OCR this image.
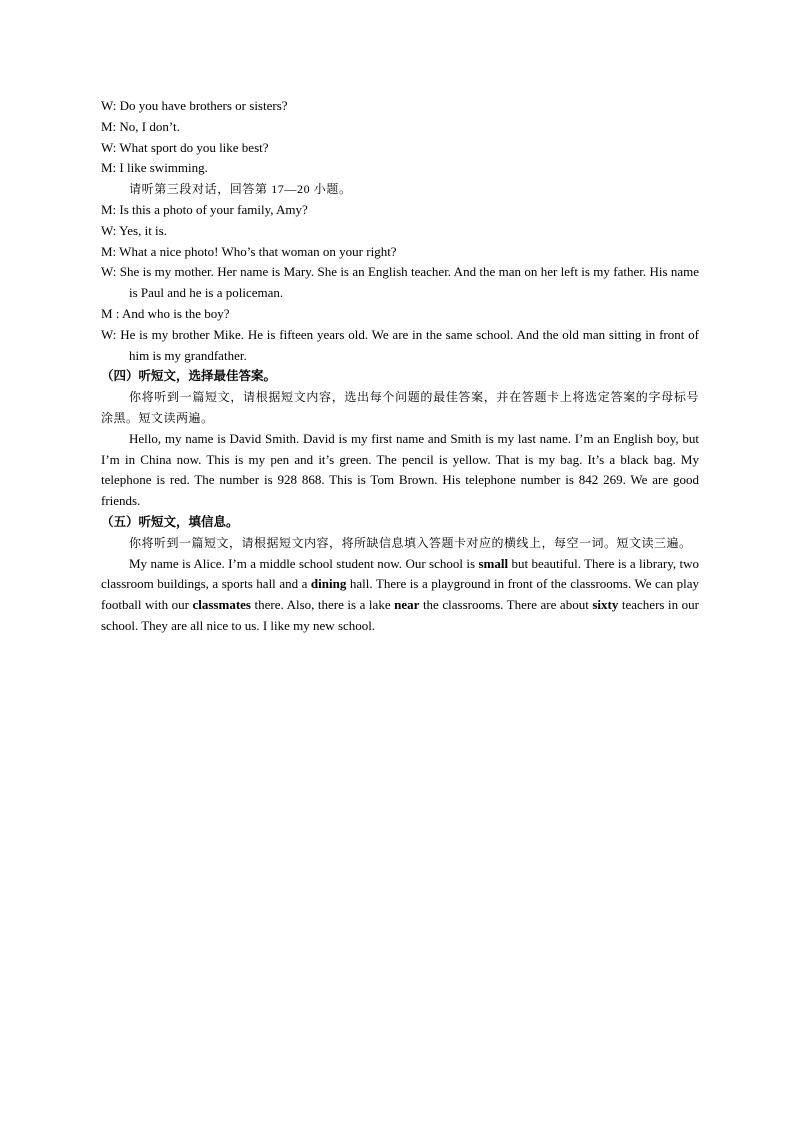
W: Do you have brothers or sisters?
M: No, I don’t.
W: What sport do you like best?
M: I like swimming.
请听第三段对话，回答第 17—20 小题。
M: Is this a photo of your family, Amy?
W: Yes, it is.
M: What a nice photo! Who’s that woman on your right?
W: She is my mother. Her name is Mary. She is an English teacher. And the man on her left is my father. His name is Paul and he is a policeman.
M : And who is the boy?
W: He is my brother Mike. He is fifteen years old. We are in the same school. And the old man sitting in front of him is my grandfather.
（四）听短文，选择最佳答案。
你将听到一篇短文，请根据短文内容，选出每个问题的最佳答案，并在答题卡上将选定答案的字母标号涂黑。短文读两遍。
Hello, my name is David Smith. David is my first name and Smith is my last name. I’m an English boy, but I’m in China now. This is my pen and it’s green. The pencil is yellow. That is my bag. It’s a black bag. My telephone is red. The number is 928 868. This is Tom Brown. His telephone number is 842 269. We are good friends.
（五）听短文，填信息。
你将听到一篇短文，请根据短文内容，将所缺信息填入答题卡对应的横线上，每空一词。短文读三遍。
My name is Alice. I’m a middle school student now. Our school is small but beautiful. There is a library, two classroom buildings, a sports hall and a dining hall. There is a playground in front of the classrooms. We can play football with our classmates there. Also, there is a lake near the classrooms. There are about sixty teachers in our school. They are all nice to us. I like my new school.
